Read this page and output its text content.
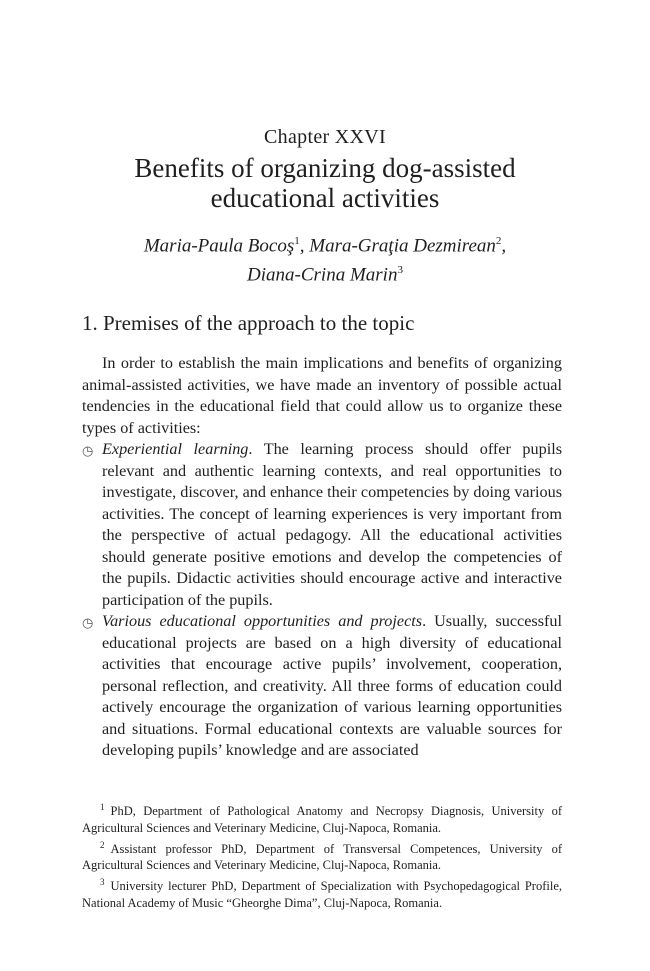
Chapter XXVI
Benefits of organizing dog-assisted
educational activities
Maria-Paula Bocoş$^1$, Mara-Graţia Dezmirean$^2$,
Diana-Crina Marin$^3$
1. Premises of the approach to the topic

In order to establish the main implications and benefits of organizing animal-assisted activities, we have made an inventory of possible actual tendencies in the educational field that could allow us to organize these types of activities:

◷ Experiential learning. The learning process should offer pupils relevant and authentic learning contexts, and real opportunities to investigate, discover, and enhance their competencies by doing various activities. The concept of learning experiences is very important from the perspective of actual pedagogy. All the educational activities should generate positive emotions and develop the competencies of the pupils. Didactic activities should encourage active and interactive participation of the pupils.
◷ Various educational opportunities and projects. Usually, successful educational projects are based on a high diversity of educational activities that encourage active pupils’ involvement, cooperation, personal reflection, and creativity. All three forms of education could actively encourage the organization of various learning opportunities and situations. Formal educational contexts are valuable sources for developing pupils’ knowledge and are associated

$^1$ PhD, Department of Pathological Anatomy and Necropsy Diagnosis, University of Agricultural Sciences and Veterinary Medicine, Cluj-Napoca, Romania.

$^2$ Assistant professor PhD, Department of Transversal Competences, University of Agricultural Sciences and Veterinary Medicine, Cluj-Napoca, Romania.

$^3$ University lecturer PhD, Department of Specialization with Psychopedagogical Profile, National Academy of Music “Gheorghe Dima”, Cluj-Napoca, Romania.
